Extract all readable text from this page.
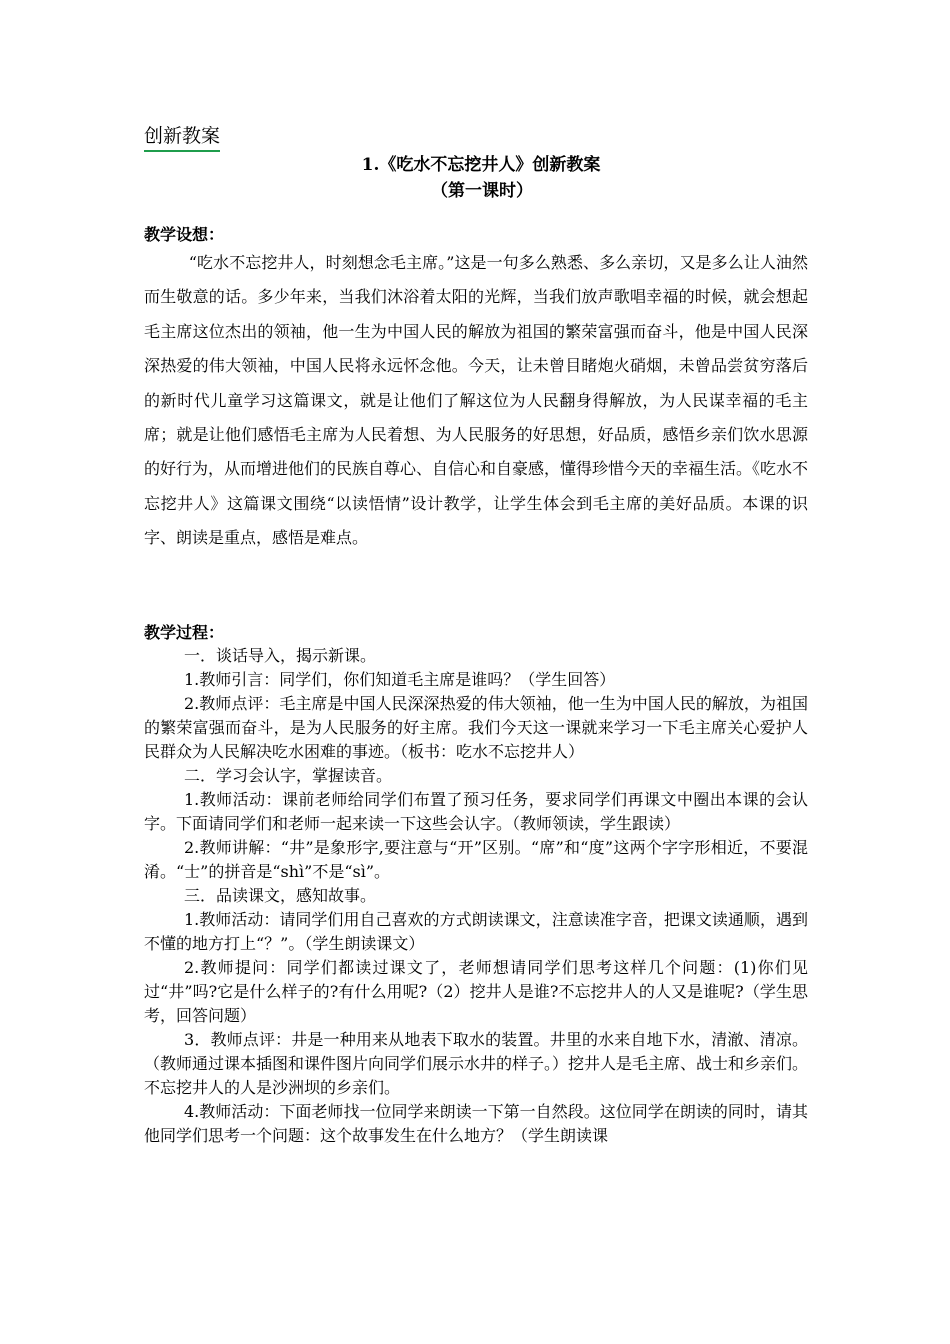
创新教案
1.《吃水不忘挖井人》创新教案
（第一课时）
教学设想：

“吃水不忘挖井人，时刻想念毛主席。”这是一句多么熟悉、多么亲切，又是多么让人油然而生敬意的话。多少年来，当我们沐浴着太阳的光辉，当我们放声歌唱幸福的时候，就会想起毛主席这位杰出的领袖，他一生为中国人民的解放为祖国的繁荣富强而奋斗，他是中国人民深深热爱的伟大领袖，中国人民将永远怀念他。今天，让未曾目睹炮火硝烟，未曾品尝贫穷落后的新时代儿童学习这篇课文，就是让他们了解这位为人民翻身得解放，为人民谋幸福的毛主席；就是让他们感悟毛主席为人民着想、为人民服务的好思想，好品质，感悟乡亲们饮水思源的好行为，从而增进他们的民族自尊心、自信心和自豪感，懂得珍惜今天的幸福生活。《吃水不忘挖井人》这篇课文围绕“以读悟情”设计教学，让学生体会到毛主席的美好品质。本课的识字、朗读是重点，感悟是难点。

教学过程：

一．谈话导入，揭示新课。

1.教师引言：同学们，你们知道毛主席是谁吗？（学生回答）

2.教师点评：毛主席是中国人民深深热爱的伟大领袖，他一生为中国人民的解放，为祖国的繁荣富强而奋斗，是为人民服务的好主席。我们今天这一课就来学习一下毛主席关心爱护人民群众为人民解决吃水困难的事迹。（板书：吃水不忘挖井人）

二．学习会认字，掌握读音。

1.教师活动：课前老师给同学们布置了预习任务，要求同学们再课文中圈出本课的会认字。下面请同学们和老师一起来读一下这些会认字。（教师领读，学生跟读）

2.教师讲解：“井”是象形字,要注意与“开”区别。“席”和“度”这两个字字形相近，不要混淆。“士”的拼音是“shì”不是“sì”。

三．品读课文，感知故事。

1.教师活动：请同学们用自己喜欢的方式朗读课文，注意读准字音，把课文读通顺，遇到不懂的地方打上“？”。（学生朗读课文）

2.教师提问：同学们都读过课文了，老师想请同学们思考这样几个问题：(1)你们见过“井”吗?它是什么样子的?有什么用呢?（2）挖井人是谁?不忘挖井人的人又是谁呢?（学生思考，回答问题）

3．教师点评：井是一种用来从地表下取水的装置。井里的水来自地下水，清澈、清凉。（教师通过课本插图和课件图片向同学们展示水井的样子。）挖井人是毛主席、战士和乡亲们。不忘挖井人的人是沙洲坝的乡亲们。

4.教师活动：下面老师找一位同学来朗读一下第一自然段。这位同学在朗读的同时，请其他同学们思考一个问题：这个故事发生在什么地方？（学生朗读课
